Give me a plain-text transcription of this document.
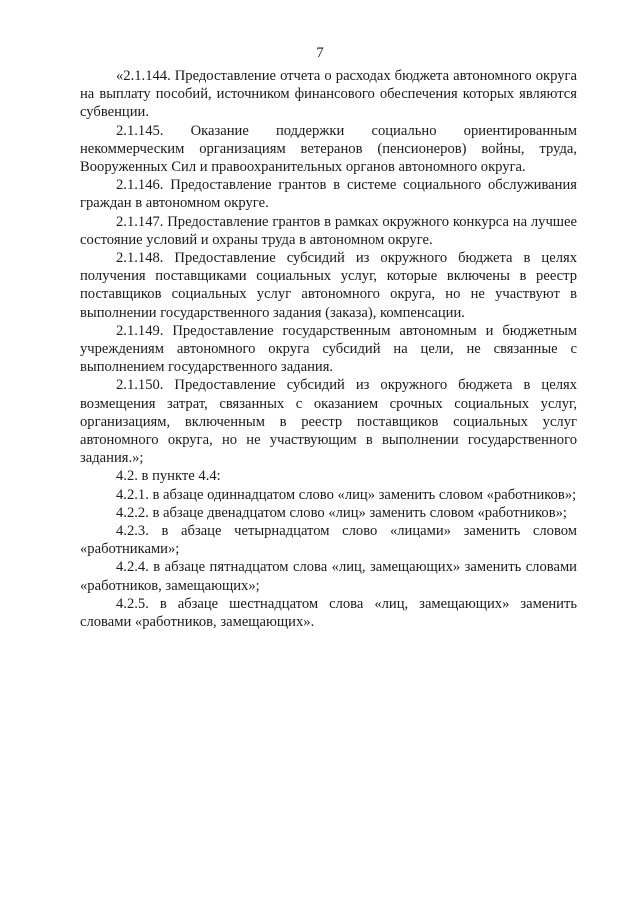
7

«2.1.144. Предоставление отчета о расходах бюджета автономного округа на выплату пособий, источником финансового обеспечения которых являются субвенции.

2.1.145. Оказание поддержки социально ориентированным некоммерческим организациям ветеранов (пенсионеров) войны, труда, Вооруженных Сил и правоохранительных органов автономного округа.

2.1.146. Предоставление грантов в системе социального обслуживания граждан в автономном округе.

2.1.147. Предоставление грантов в рамках окружного конкурса на лучшее состояние условий и охраны труда в автономном округе.

2.1.148. Предоставление субсидий из окружного бюджета в целях получения поставщиками социальных услуг, которые включены в реестр поставщиков социальных услуг автономного округа, но не участвуют в выполнении государственного задания (заказа), компенсации.

2.1.149. Предоставление государственным автономным и бюджетным учреждениям автономного округа субсидий на цели, не связанные с выполнением государственного задания.

2.1.150. Предоставление субсидий из окружного бюджета в целях возмещения затрат, связанных с оказанием срочных социальных услуг, организациям, включенным в реестр поставщиков социальных услуг автономного округа, но не участвующим в выполнении государственного задания.»;

4.2. в пункте 4.4:

4.2.1. в абзаце одиннадцатом слово «лиц» заменить словом «работников»;

4.2.2. в абзаце двенадцатом слово «лиц» заменить словом «работников»;

4.2.3. в абзаце четырнадцатом слово «лицами» заменить словом «работниками»;

4.2.4. в абзаце пятнадцатом слова «лиц, замещающих» заменить словами «работников, замещающих»;

4.2.5. в абзаце шестнадцатом слова «лиц, замещающих» заменить словами «работников, замещающих».
